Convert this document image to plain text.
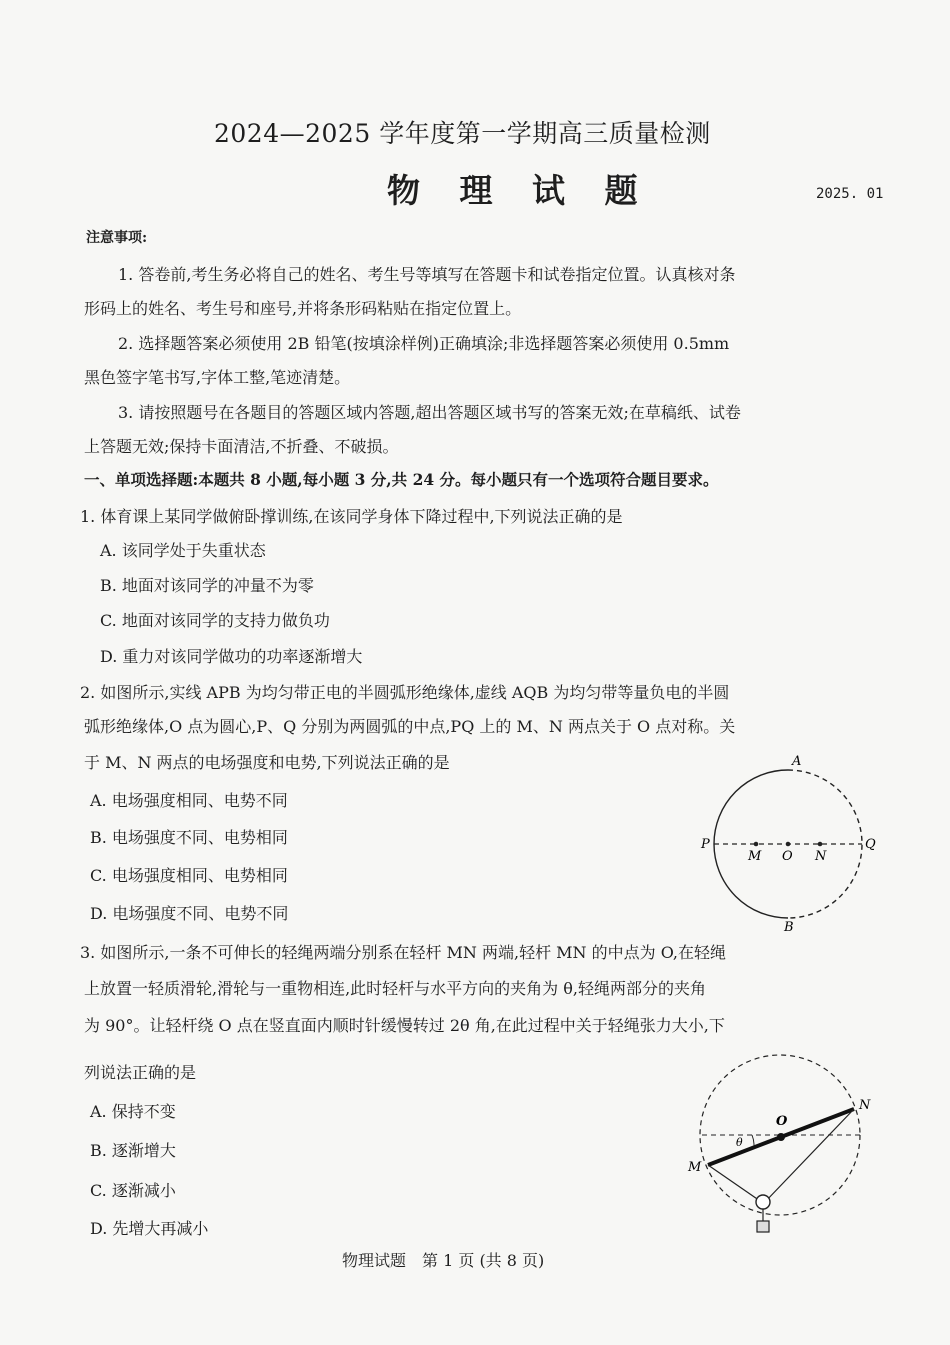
2024—2025 学年度第一学期高三质量检测
物 理 试 题	2025. 01
注意事项:
1. 答卷前,考生务必将自己的姓名、考生号等填写在答题卡和试卷指定位置。认真核对条
形码上的姓名、考生号和座号,并将条形码粘贴在指定位置上。
2. 选择题答案必须使用 2B 铅笔(按填涂样例)正确填涂;非选择题答案必须使用 0.5mm
黑色签字笔书写,字体工整,笔迹清楚。
3. 请按照题号在各题目的答题区域内答题,超出答题区域书写的答案无效;在草稿纸、试卷
上答题无效;保持卡面清洁,不折叠、不破损。
一、单项选择题:本题共 8 小题,每小题 3 分,共 24 分。每小题只有一个选项符合题目要求。
1. 体育课上某同学做俯卧撑训练,在该同学身体下降过程中,下列说法正确的是
A. 该同学处于失重状态
B. 地面对该同学的冲量不为零
C. 地面对该同学的支持力做负功
D. 重力对该同学做功的功率逐渐增大
2. 如图所示,实线 APB 为均匀带正电的半圆弧形绝缘体,虚线 AQB 为均匀带等量负电的半圆
弧形绝缘体,O 点为圆心,P、Q 分别为两圆弧的中点,PQ 上的 M、N 两点关于 O 点对称。关
于 M、N 两点的电场强度和电势,下列说法正确的是
A. 电场强度相同、电势不同
B. 电场强度不同、电势相同
C. 电场强度相同、电势相同
D. 电场强度不同、电势不同
A
B
P	Q
M O N
3. 如图所示,一条不可伸长的轻绳两端分别系在轻杆 MN 两端,轻杆 MN 的中点为 O,在轻绳
上放置一轻质滑轮,滑轮与一重物相连,此时轻杆与水平方向的夹角为 θ,轻绳两部分的夹角
为 90°。让轻杆绕 O 点在竖直面内顺时针缓慢转过 2θ 角,在此过程中关于轻绳张力大小,下
列说法正确的是
A. 保持不变
B. 逐渐增大
C. 逐渐减小
D. 先增大再减小
O
N
M
θ
物理试题　第 1 页 (共 8 页)
